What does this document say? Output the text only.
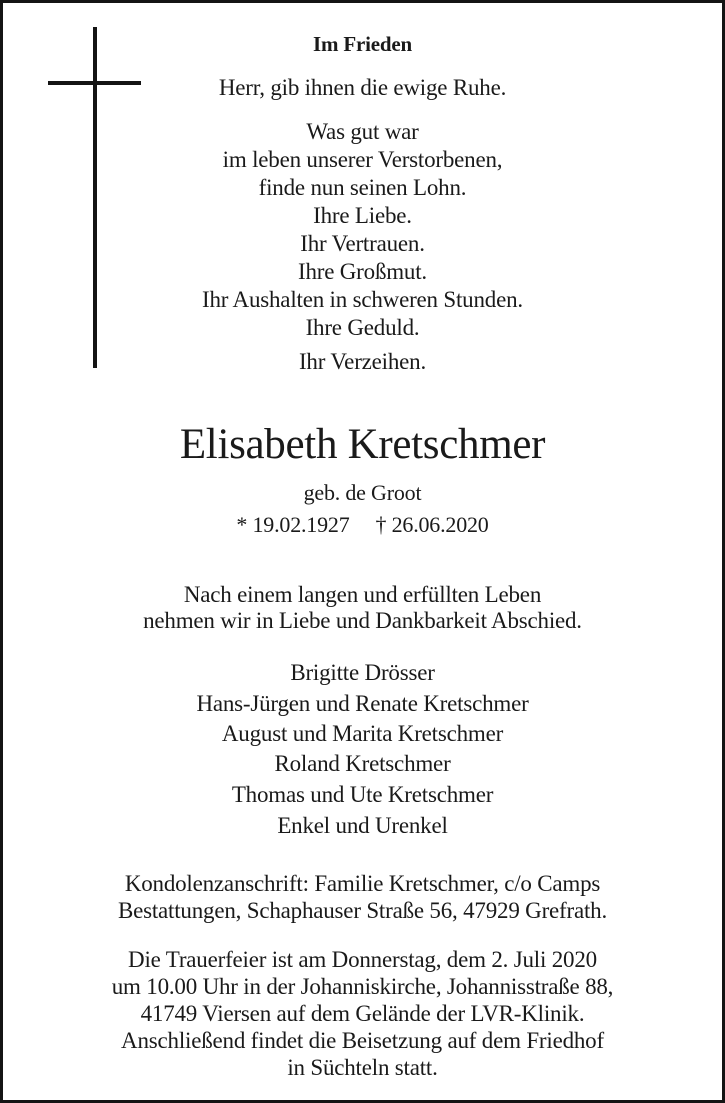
Im Frieden
Herr, gib ihnen die ewige Ruhe.
Was gut war
im leben unserer Verstorbenen,
finde nun seinen Lohn.
Ihre Liebe.
Ihr Vertrauen.
Ihre Großmut.
Ihr Aushalten in schweren Stunden.
Ihre Geduld.
Ihr Verzeihen.
Elisabeth Kretschmer
geb. de Groot
* 19.02.1927 † 26.06.2020
Nach einem langen und erfüllten Leben
nehmen wir in Liebe und Dankbarkeit Abschied.
Brigitte Drösser
Hans-Jürgen und Renate Kretschmer
August und Marita Kretschmer
Roland Kretschmer
Thomas und Ute Kretschmer
Enkel und Urenkel
Kondolenzanschrift: Familie Kretschmer, c/o Camps
Bestattungen, Schaphauser Straße 56, 47929 Grefrath.
Die Trauerfeier ist am Donnerstag, dem 2. Juli 2020
um 10.00 Uhr in der Johanniskirche, Johannisstraße 88,
41749 Viersen auf dem Gelände der LVR-Klinik.
Anschließend findet die Beisetzung auf dem Friedhof
in Süchteln statt.
